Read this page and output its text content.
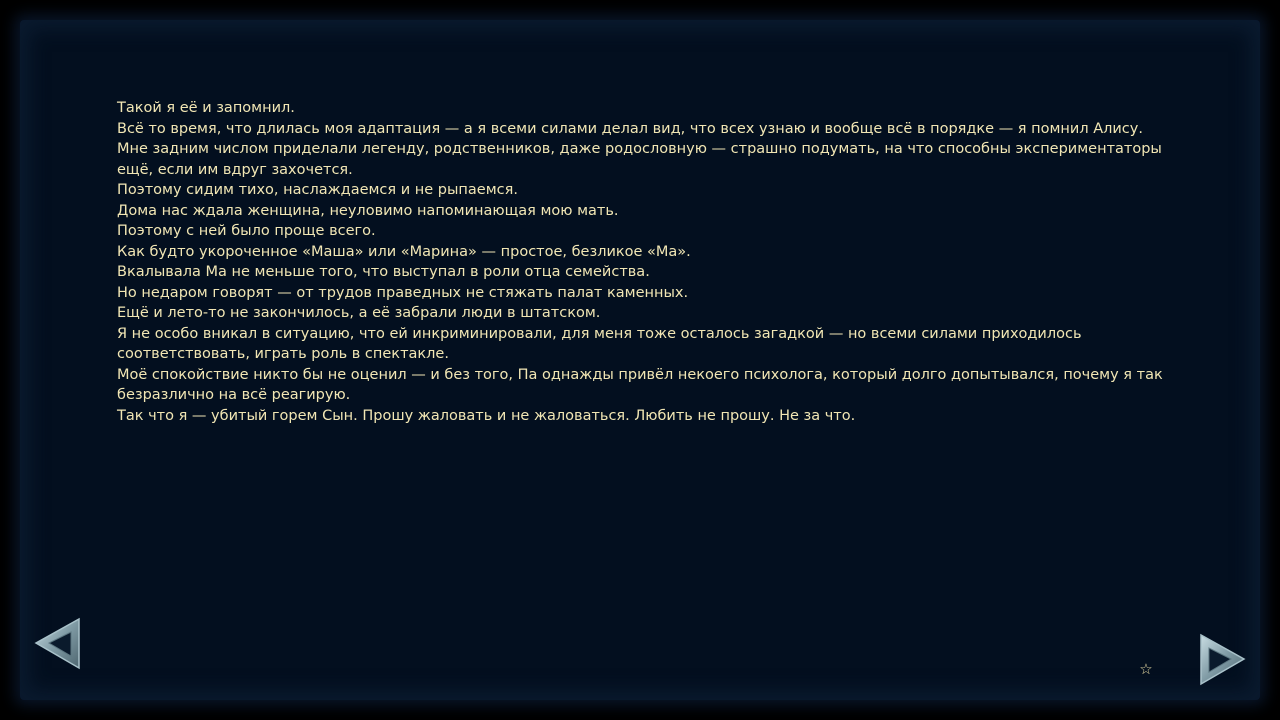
Такой я её и запомнил.

Всё то время, что длилась моя адаптация — а я всеми силами делал вид, что всех узнаю и вообще всё в порядке — я помнил Алису.

Мне задним числом приделали легенду, родственников, даже родословную — страшно подумать, на что способны экспериментаторы ещё, если им вдруг захочется.

Поэтому сидим тихо, наслаждаемся и не рыпаемся.

Дома нас ждала женщина, неуловимо напоминающая мою мать.

Поэтому с ней было проще всего.

Как будто укороченное «Маша» или «Марина» — простое, безликое «Ма».

Вкалывала Ма не меньше того, что выступал в роли отца семейства.

Но недаром говорят — от трудов праведных не стяжать палат каменных.

Ещё и лето-то не закончилось, а её забрали люди в штатском.

Я не особо вникал в ситуацию, что ей инкриминировали, для меня тоже осталось загадкой — но всеми силами приходилось соответствовать, играть роль в спектакле.

Моё спокойствие никто бы не оценил — и без того, Па однажды привёл некоего психолога, который долго допытывался, почему я так безразлично на всё реагирую.

Так что я — убитый горем Сын. Прошу жаловать и не жаловаться. Любить не прошу. Не за что.

☆
